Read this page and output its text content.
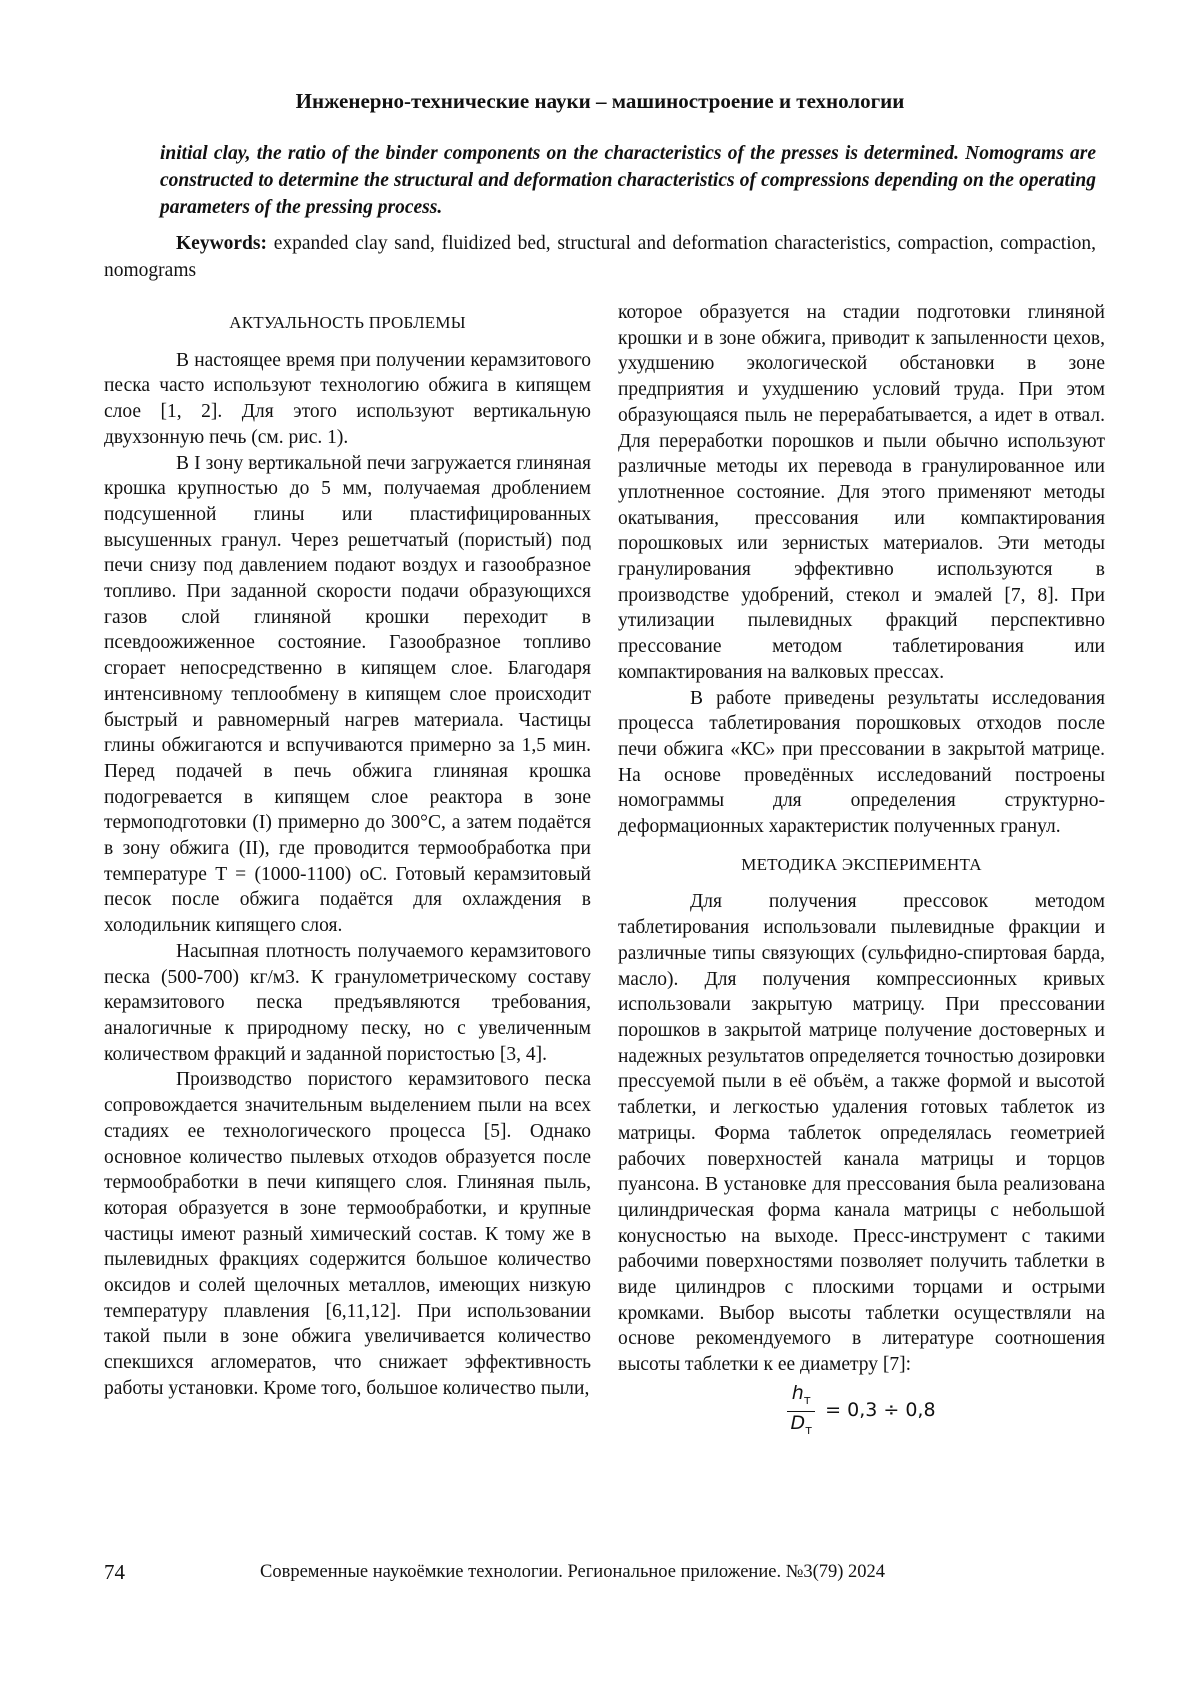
Инженерно-технические науки – машиностроение и технологии
initial clay, the ratio of the binder components on the characteristics of the presses is determined. Nomograms are constructed to determine the structural and deformation characteristics of compressions depending on the operating parameters of the pressing process.
Keywords: expanded clay sand, fluidized bed, structural and deformation characteristics, compaction, compaction, nomograms
АКТУАЛЬНОСТЬ ПРОБЛЕМЫ

В настоящее время при получении керамзитового песка часто используют технологию обжига в кипящем слое [1, 2]. Для этого используют вертикальную двухзонную печь (см. рис. 1).

В I зону вертикальной печи загружается глиняная крошка крупностью до 5 мм, получаемая дроблением подсушенной глины или пластифицированных высушенных гранул. Через решетчатый (пористый) под печи снизу под давлением подают воздух и газообразное топливо. При заданной скорости подачи образующихся газов слой глиняной крошки переходит в псевдоожиженное состояние. Газообразное топливо сгорает непосредственно в кипящем слое. Благодаря интенсивному теплообмену в кипящем слое происходит быстрый и равномерный нагрев материала. Частицы глины обжигаются и вспучиваются примерно за 1,5 мин. Перед подачей в печь обжига глиняная крошка подогревается в кипящем слое реактора в зоне термоподготовки (I) примерно до 300°C, а затем подаётся в зону обжига (II), где проводится термообработка при температуре T = (1000-1100) оС. Готовый керамзитовый песок после обжига подаётся для охлаждения в холодильник кипящего слоя.

Насыпная плотность получаемого керамзитового песка (500-700) кг/м3. К гранулометрическому составу керамзитового песка предъявляются требования, аналогичные к природному песку, но с увеличенным количеством фракций и заданной пористостью [3, 4].

Производство пористого керамзитового песка сопровождается значительным выделением пыли на всех стадиях ее технологического процесса [5]. Однако основное количество пылевых отходов образуется после термообработки в печи кипящего слоя. Глиняная пыль, которая образуется в зоне термообработки, и крупные частицы имеют разный химический состав. К тому же в пылевидных фракциях содержится большое количество оксидов и солей щелочных металлов, имеющих низкую температуру плавления [6,11,12]. При использовании такой пыли в зоне обжига увеличивается количество спекшихся агломератов, что снижает эффективность работы установки. Кроме того, большое количество пыли,

которое образуется на стадии подготовки глиняной крошки и в зоне обжига, приводит к запыленности цехов, ухудшению экологической обстановки в зоне предприятия и ухудшению условий труда. При этом образующаяся пыль не перерабатывается, а идет в отвал. Для переработки порошков и пыли обычно используют различные методы их перевода в гранулированное или уплотненное состояние. Для этого применяют методы окатывания, прессования или компактирования порошковых или зернистых материалов. Эти методы гранулирования эффективно используются в производстве удобрений, стекол и эмалей [7, 8]. При утилизации пылевидных фракций перспективно прессование методом таблетирования или компактирования на валковых прессах.

В работе приведены результаты исследования процесса таблетирования порошковых отходов после печи обжига «КС» при прессовании в закрытой матрице. На основе проведённых исследований построены номограммы для определения структурно-деформационных характеристик полученных гранул.

МЕТОДИКА ЭКСПЕРИМЕНТА

Для получения прессовок методом таблетирования использовали пылевидные фракции и различные типы связующих (сульфидно-спиртовая барда, масло). Для получения компрессионных кривых использовали закрытую матрицу. При прессовании порошков в закрытой матрице получение достоверных и надежных результатов определяется точностью дозировки прессуемой пыли в её объём, а также формой и высотой таблетки, и легкостью удаления готовых таблеток из матрицы. Форма таблеток определялась геометрией рабочих поверхностей канала матрицы и торцов пуансона. В установке для прессования была реализована цилиндрическая форма канала матрицы с небольшой конусностью на выходе. Пресс-инструмент с такими рабочими поверхностями позволяет получить таблетки в виде цилиндров с плоскими торцами и острыми кромками. Выбор высоты таблетки осуществляли на основе рекомендуемого в литературе соотношения высоты таблетки к ее диаметру [7]:

$\frac{h_т}{D_т} = 0,3 \div 0,8$
74	Современные наукоёмкие технологии. Региональное приложение. №3(79) 2024
